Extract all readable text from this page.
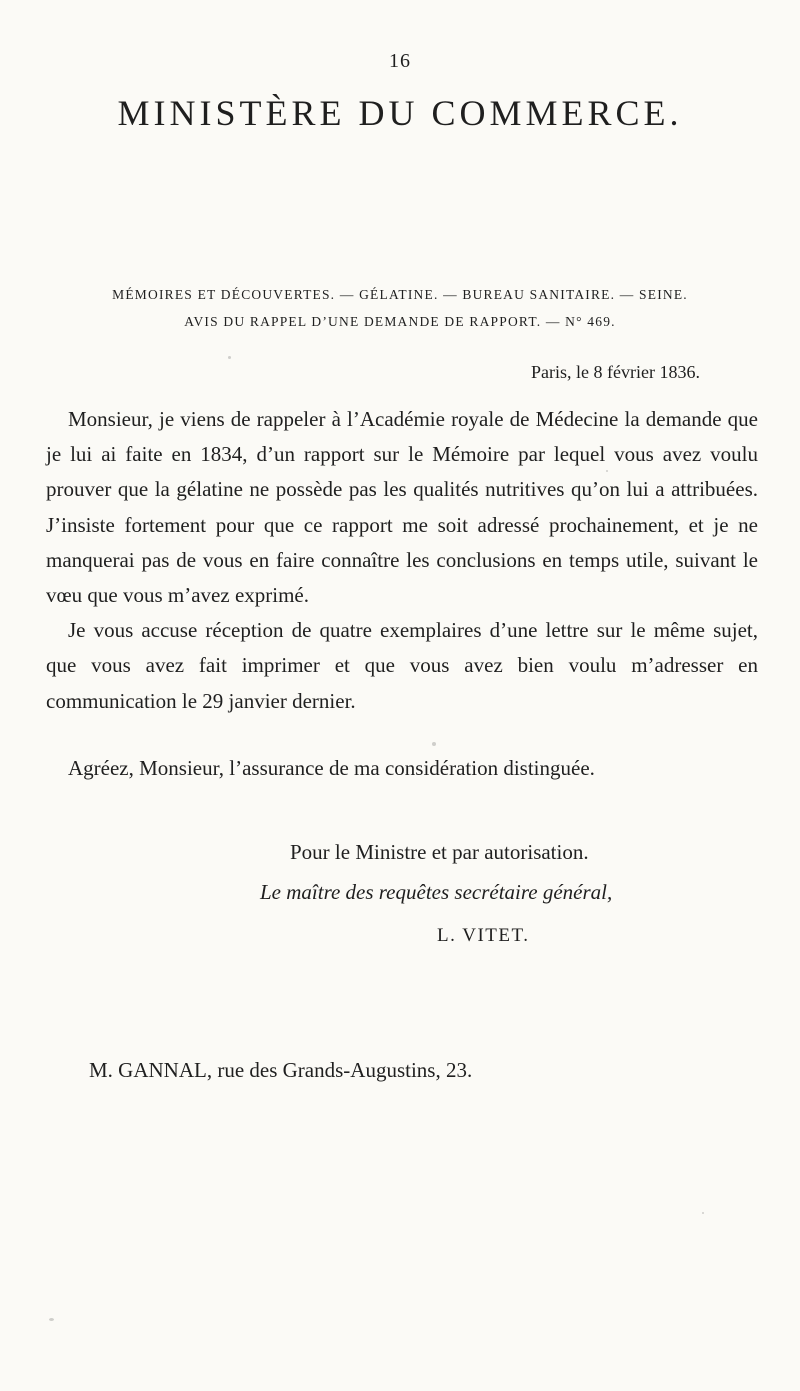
16
MINISTÈRE DU COMMERCE.
MÉMOIRES ET DÉCOUVERTES. — GÉLATINE. — BUREAU SANITAIRE. — SEINE.
AVIS DU RAPPEL D’UNE DEMANDE DE RAPPORT. — N° 469.
Paris, le 8 février 1836.

Monsieur, je viens de rappeler à l’Académie royale de Médecine la demande que je lui ai faite en 1834, d’un rapport sur le Mémoire par lequel vous avez voulu prouver que la gélatine ne possède pas les qualités nutritives qu’on lui a attribuées. J’insiste fortement pour que ce rapport me soit adressé prochainement, et je ne manquerai pas de vous en faire connaître les conclusions en temps utile, suivant le vœu que vous m’avez exprimé.

Je vous accuse réception de quatre exemplaires d’une lettre sur le même sujet, que vous avez fait imprimer et que vous avez bien voulu m’adresser en communication le 29 janvier dernier.

Agréez, Monsieur, l’assurance de ma considération distinguée.
Pour le Ministre et par autorisation.
Le maître des requêtes secrétaire général,
L. VITET.
M. GANNAL, rue des Grands-Augustins, 23.
